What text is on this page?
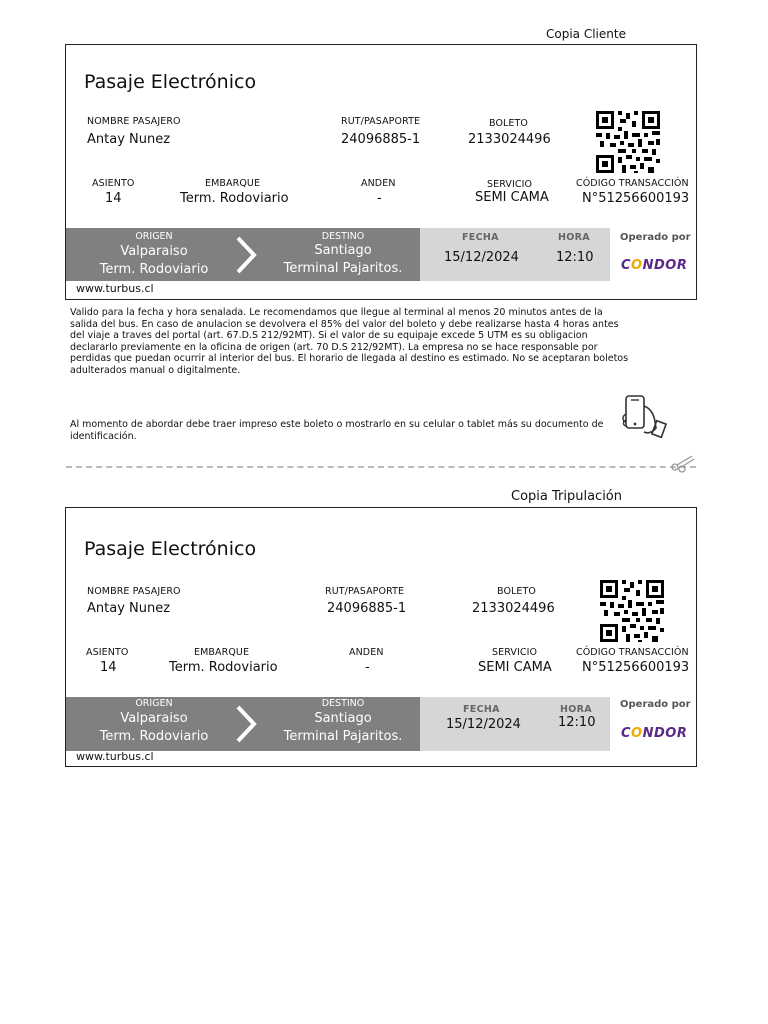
Copia Cliente
Pasaje Electrónico
NOMBRE PASAJERO
Antay Nunez
RUT/PASAPORTE
24096885-1
BOLETO
2133024496
ASIENTO
14
EMBARQUE
Term. Rodoviario
ANDEN
-
SERVICIO
SEMI CAMA
CÓDIGO TRANSACCIÓN
N°51256600193
ORIGEN
Valparaiso
Term. Rodoviario
DESTINO
Santiago
Terminal Pajaritos.
FECHA
15/12/2024
HORA
12:10
Operado por
CONDOR
www.turbus.cl
Valido para la fecha y hora senalada. Le recomendamos que llegue al terminal al menos 20 minutos antes de la
salida del bus. En caso de anulacion se devolvera el 85% del valor del boleto y debe realizarse hasta 4 horas antes
del viaje a traves del portal (art. 67.D.S 212/92MT). Si el valor de su equipaje excede 5 UTM es su obligacion
declararlo previamente en la oficina de origen (art. 70 D.S 212/92MT). La empresa no se hace responsable por
perdidas que puedan ocurrir al interior del bus. El horario de llegada al destino es estimado. No se aceptaran boletos
adulterados manual o digitalmente.
Al momento de abordar debe traer impreso este boleto o mostrarlo en su celular o tablet más su documento de
identificación.
Copia Tripulación
Pasaje Electrónico
NOMBRE PASAJERO
Antay Nunez
RUT/PASAPORTE
24096885-1
BOLETO
2133024496
ASIENTO
14
EMBARQUE
Term. Rodoviario
ANDEN
-
SERVICIO
SEMI CAMA
CÓDIGO TRANSACCIÓN
N°51256600193
ORIGEN
Valparaiso
Term. Rodoviario
DESTINO
Santiago
Terminal Pajaritos.
FECHA
15/12/2024
HORA
12:10
Operado por
CONDOR
www.turbus.cl
